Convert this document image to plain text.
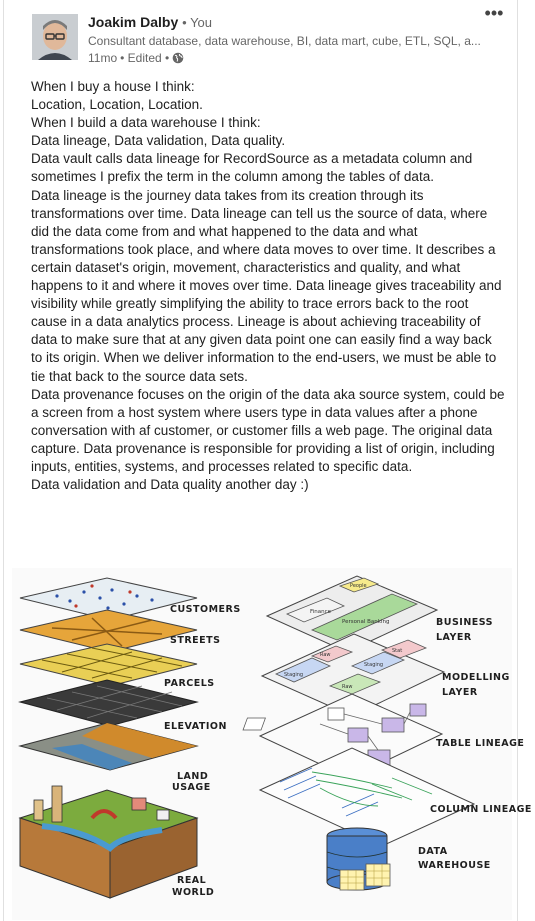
Joakim Dalby • You
Consultant database, data warehouse, BI, data mart, cube, ETL, SQL, a...
11mo • Edited •
•••

When I buy a house I think:

Location, Location, Location.

When I build a data warehouse I think:

Data lineage, Data validation, Data quality.

Data vault calls data lineage for RecordSource as a metadata column and sometimes I prefix the term in the column among the tables of data.

Data lineage is the journey data takes from its creation through its transformations over time. Data lineage can tell us the source of data, where did the data come from and what happened to the data and what transformations took place, and where data moves to over time. It describes a certain dataset's origin, movement, characteristics and quality, and what happens to it and where it moves over time. Data lineage gives traceability and visibility while greatly simplifying the ability to trace errors back to the root cause in a data analytics process. Lineage is about achieving traceability of data to make sure that at any given data point one can easily find a way back to its origin. When we deliver information to the end-users, we must be able to tie that back to the source data sets.

Data provenance focuses on the origin of the data aka source system, could be a screen from a host system where users type in data values after a phone conversation with af customer, or customer fills a web page. The original data capture. Data provenance is responsible for providing a list of origin, including inputs, entities, systems, and processes related to specific data.

Data validation and Data quality another day :)

CUSTOMERS
STREETS
PARCELS
ELEVATION
LAND
USAGE
REAL
WORLD
Finance
People
Personal Banking
Staging
Raw
Staging
Raw
Stat
BUSINESS
LAYER
MODELLING
LAYER
TABLE LINEAGE
COLUMN LINEAGE
DATA
WAREHOUSE
